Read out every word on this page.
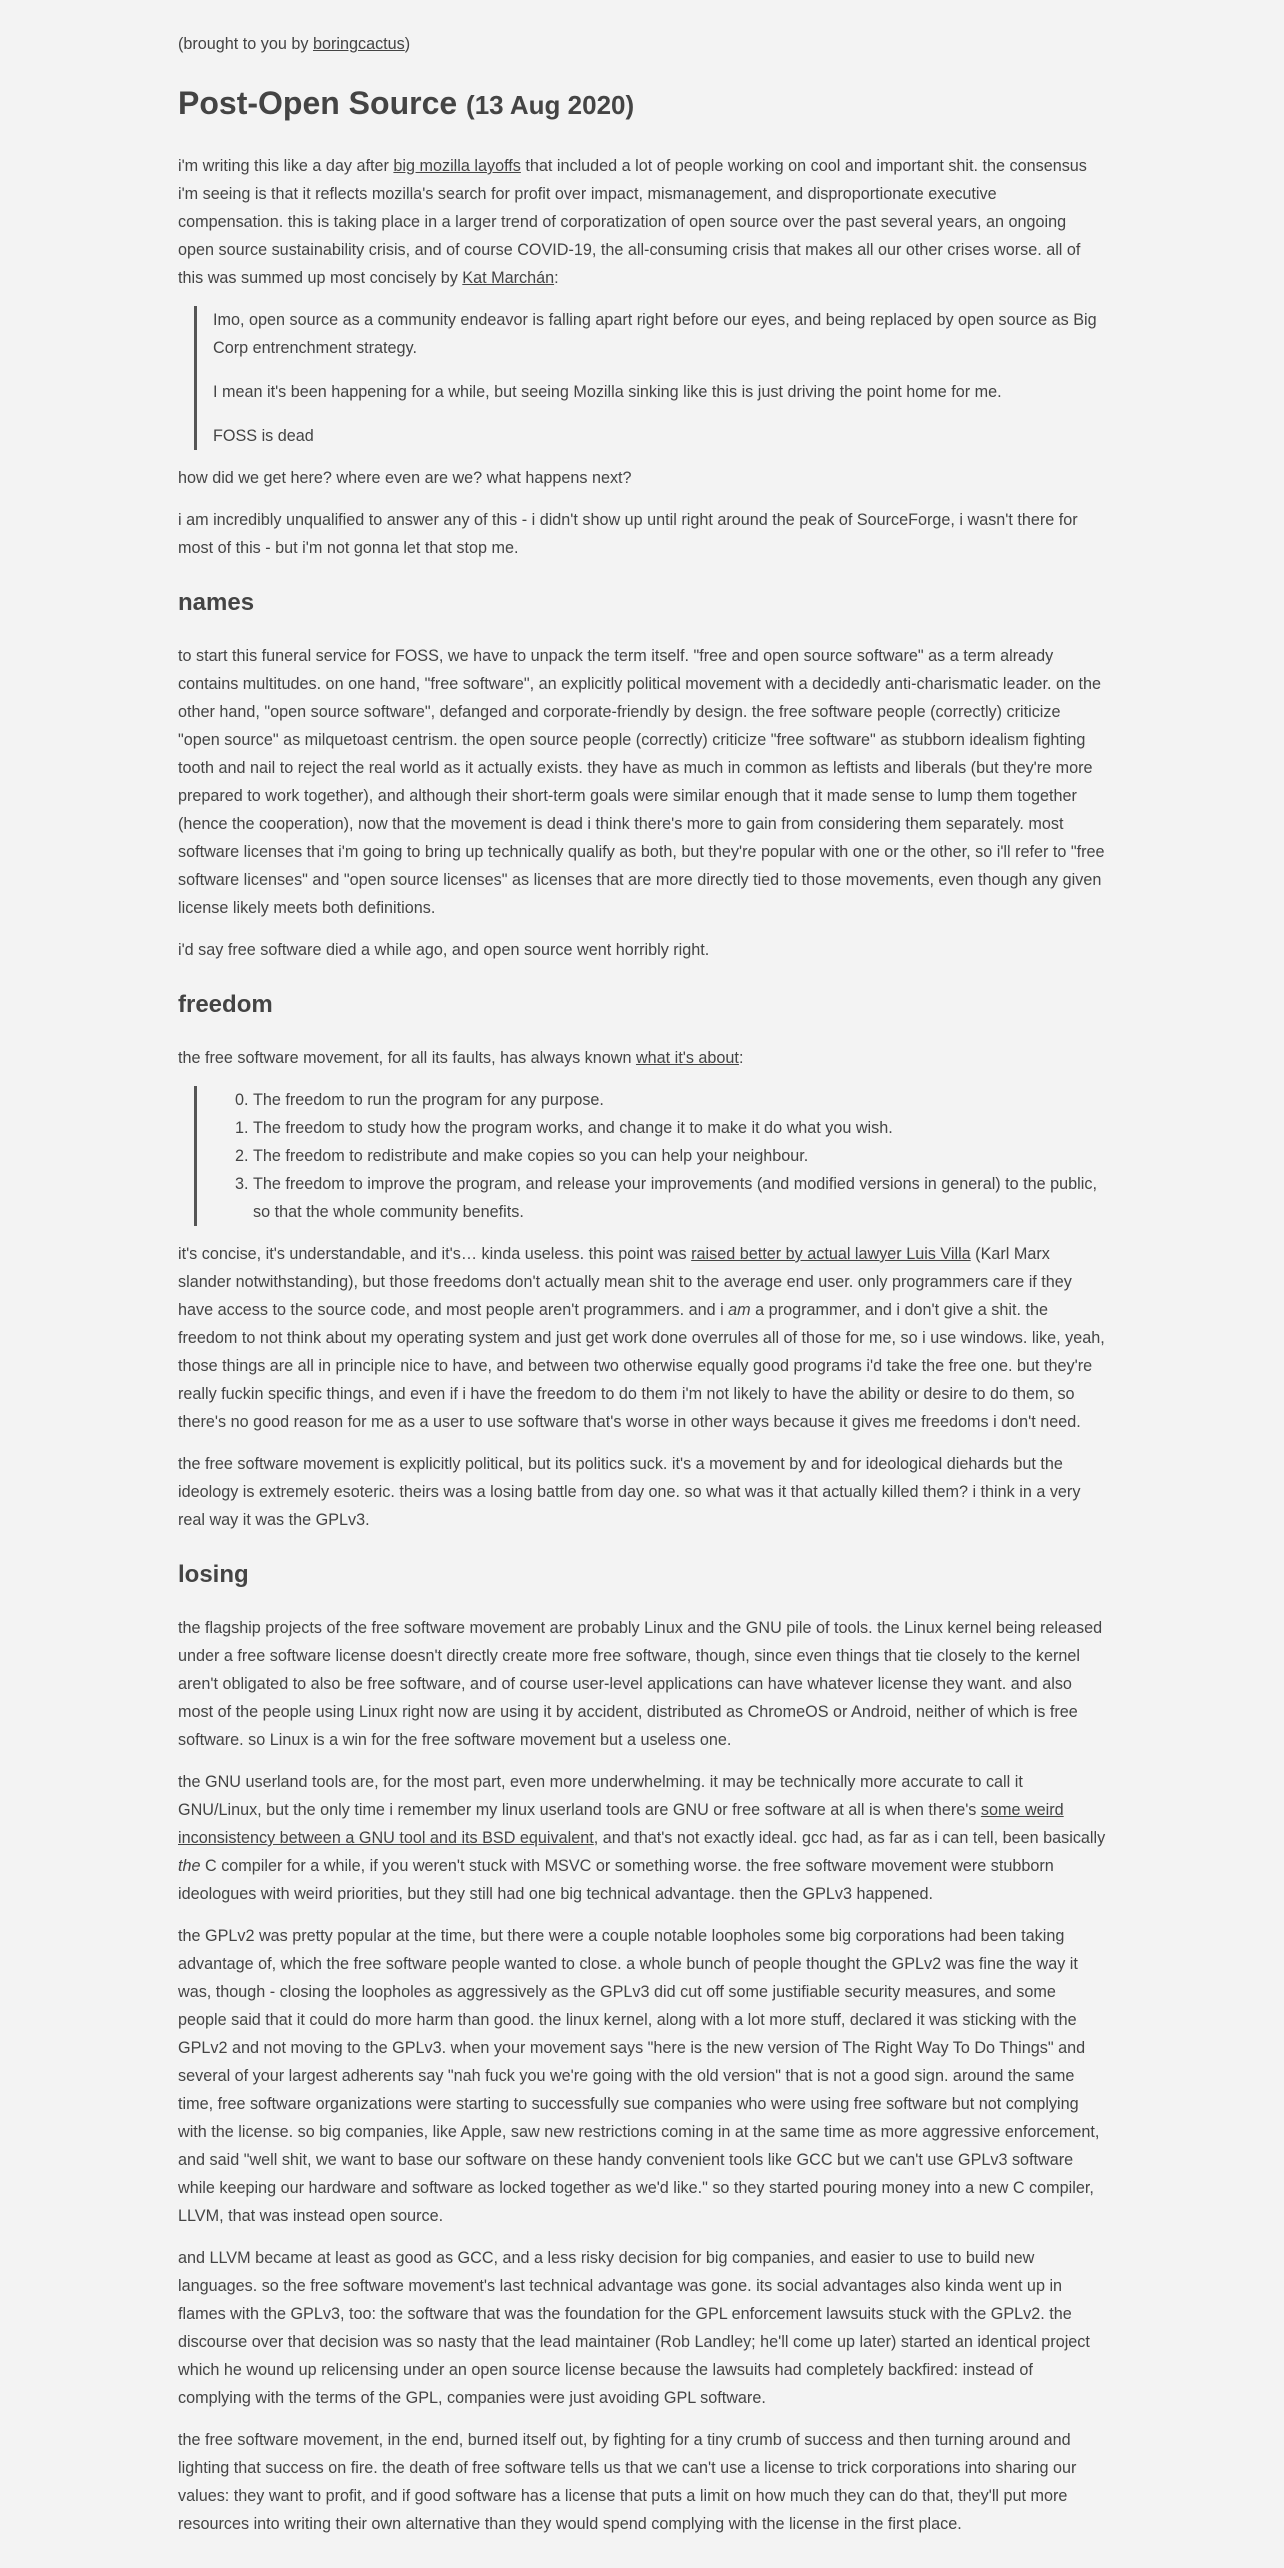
(brought to you by boringcactus)

Post-Open Source (13 Aug 2020)

i'm writing this like a day after big mozilla layoffs that included a lot of people working on cool and important shit. the consensus i'm seeing is that it reflects mozilla's search for profit over impact, mismanagement, and disproportionate executive compensation. this is taking place in a larger trend of corporatization of open source over the past several years, an ongoing open source sustainability crisis, and of course COVID-19, the all-consuming crisis that makes all our other crises worse. all of this was summed up most concisely by Kat Marchán:

Imo, open source as a community endeavor is falling apart right before our eyes, and being replaced by open source as Big Corp entrenchment strategy.

I mean it's been happening for a while, but seeing Mozilla sinking like this is just driving the point home for me.

FOSS is dead

how did we get here? where even are we? what happens next?

i am incredibly unqualified to answer any of this - i didn't show up until right around the peak of SourceForge, i wasn't there for most of this - but i'm not gonna let that stop me.

names

to start this funeral service for FOSS, we have to unpack the term itself. "free and open source software" as a term already contains multitudes. on one hand, "free software", an explicitly political movement with a decidedly anti-charismatic leader. on the other hand, "open source software", defanged and corporate-friendly by design. the free software people (correctly) criticize "open source" as milquetoast centrism. the open source people (correctly) criticize "free software" as stubborn idealism fighting tooth and nail to reject the real world as it actually exists. they have as much in common as leftists and liberals (but they're more prepared to work together), and although their short-term goals were similar enough that it made sense to lump them together (hence the cooperation), now that the movement is dead i think there's more to gain from considering them separately. most software licenses that i'm going to bring up technically qualify as both, but they're popular with one or the other, so i'll refer to "free software licenses" and "open source licenses" as licenses that are more directly tied to those movements, even though any given license likely meets both definitions.

i'd say free software died a while ago, and open source went horribly right.

freedom

the free software movement, for all its faults, has always known what it's about:

0. The freedom to run the program for any purpose.
1. The freedom to study how the program works, and change it to make it do what you wish.
2. The freedom to redistribute and make copies so you can help your neighbour.
3. The freedom to improve the program, and release your improvements (and modified versions in general) to the public, so that the whole community benefits.

it's concise, it's understandable, and it's… kinda useless. this point was raised better by actual lawyer Luis Villa (Karl Marx slander notwithstanding), but those freedoms don't actually mean shit to the average end user. only programmers care if they have access to the source code, and most people aren't programmers. and i am a programmer, and i don't give a shit. the freedom to not think about my operating system and just get work done overrules all of those for me, so i use windows. like, yeah, those things are all in principle nice to have, and between two otherwise equally good programs i'd take the free one. but they're really fuckin specific things, and even if i have the freedom to do them i'm not likely to have the ability or desire to do them, so there's no good reason for me as a user to use software that's worse in other ways because it gives me freedoms i don't need.

the free software movement is explicitly political, but its politics suck. it's a movement by and for ideological diehards but the ideology is extremely esoteric. theirs was a losing battle from day one. so what was it that actually killed them? i think in a very real way it was the GPLv3.

losing

the flagship projects of the free software movement are probably Linux and the GNU pile of tools. the Linux kernel being released under a free software license doesn't directly create more free software, though, since even things that tie closely to the kernel aren't obligated to also be free software, and of course user-level applications can have whatever license they want. and also most of the people using Linux right now are using it by accident, distributed as ChromeOS or Android, neither of which is free software. so Linux is a win for the free software movement but a useless one.

the GNU userland tools are, for the most part, even more underwhelming. it may be technically more accurate to call it GNU/Linux, but the only time i remember my linux userland tools are GNU or free software at all is when there's some weird inconsistency between a GNU tool and its BSD equivalent, and that's not exactly ideal. gcc had, as far as i can tell, been basically the C compiler for a while, if you weren't stuck with MSVC or something worse. the free software movement were stubborn ideologues with weird priorities, but they still had one big technical advantage. then the GPLv3 happened.

the GPLv2 was pretty popular at the time, but there were a couple notable loopholes some big corporations had been taking advantage of, which the free software people wanted to close. a whole bunch of people thought the GPLv2 was fine the way it was, though - closing the loopholes as aggressively as the GPLv3 did cut off some justifiable security measures, and some people said that it could do more harm than good. the linux kernel, along with a lot more stuff, declared it was sticking with the GPLv2 and not moving to the GPLv3. when your movement says "here is the new version of The Right Way To Do Things" and several of your largest adherents say "nah fuck you we're going with the old version" that is not a good sign. around the same time, free software organizations were starting to successfully sue companies who were using free software but not complying with the license. so big companies, like Apple, saw new restrictions coming in at the same time as more aggressive enforcement, and said "well shit, we want to base our software on these handy convenient tools like GCC but we can't use GPLv3 software while keeping our hardware and software as locked together as we'd like." so they started pouring money into a new C compiler, LLVM, that was instead open source.

and LLVM became at least as good as GCC, and a less risky decision for big companies, and easier to use to build new languages. so the free software movement's last technical advantage was gone. its social advantages also kinda went up in flames with the GPLv3, too: the software that was the foundation for the GPL enforcement lawsuits stuck with the GPLv2. the discourse over that decision was so nasty that the lead maintainer (Rob Landley; he'll come up later) started an identical project which he wound up relicensing under an open source license because the lawsuits had completely backfired: instead of complying with the terms of the GPL, companies were just avoiding GPL software.

the free software movement, in the end, burned itself out, by fighting for a tiny crumb of success and then turning around and lighting that success on fire. the death of free software tells us that we can't use a license to trick corporations into sharing our values: they want to profit, and if good software has a license that puts a limit on how much they can do that, they'll put more resources into writing their own alternative than they would spend complying with the license in the first place.
